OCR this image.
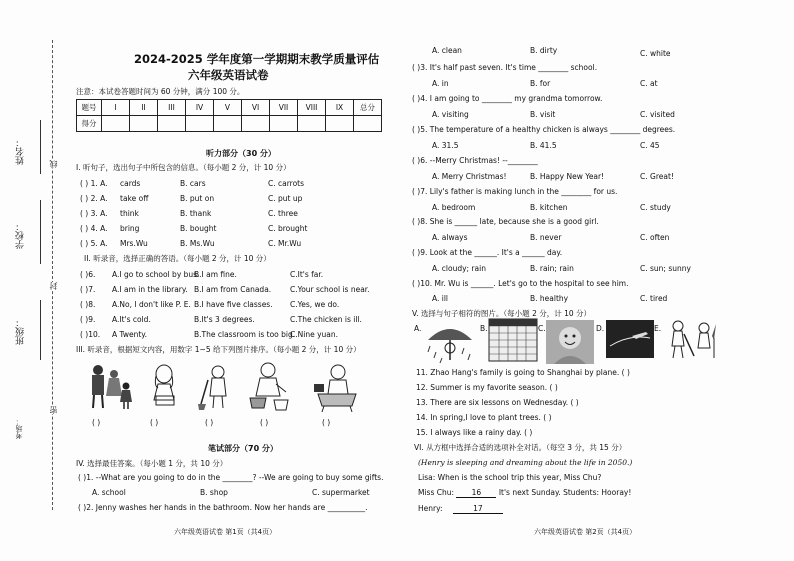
姓名：
学校：
班级：
考场：
线
封
密
2024-2025 学年度第一学期期末教学质量评估
六年级英语试卷
注意：本试卷答题时间为 60 分钟，满分 100 分。
题号	I	II	III	IV	V	VI	VII	VIII	IX	总分
得分										
听力部分（30 分）
I. 听句子，选出句子中所包含的信息。（每小题 2 分，计 10 分）
( ) 1. A. cards	B. cars	C. carrots
( ) 2. A. take off	B. put on	C. put up
( ) 3. A. think	B. thank	C. three
( ) 4. A. bring	B. bought	C. brought
( ) 5. A. Mrs.Wu	B. Ms.Wu	C. Mr.Wu
II. 听录音，选择正确的答语。（每小题 2 分，计 10 分）
( )6. A.I go to school by bus.
B.I am fine.	C.It's far.
( )7. A.I am in the library. B.I am from Canada.	C.Your school is near.
( )8. A.No, I don't like P. E. B.I have five classes. C.Yes, we do.
( )9. A.It's cold.	B.It's 3 degrees.	C.The chicken is ill.
( )10. A Twenty.	B.The classroom is too big.
C.Nine yuan.
III. 听录音，根据短文内容，用数字 1~5 给下列图片排序。（每小题 2 分，计 10 分）
( )	( )	( )	( )	( )
笔试部分（70 分）
IV. 选择最佳答案。（每小题 1 分，共 10 分）
( )1. --What are you going to do in the ________? --We are going to buy some gifts.
A. school	B. shop	C. supermarket
( )2. Jenny washes her hands in the bathroom. Now her hands are __________.
六年级英语试卷 第1页（共4页）
A. clean	B. dirty	C. white
( )3. It's half past seven. It's time ________ school.
A. in	B. for	C. at
( )4. I am going to ________ my grandma tomorrow.
A. visiting	B. visit	C. visited
( )5. The temperature of a healthy chicken is always ________ degrees.
A. 31.5	B. 41.5	C. 45
( )6. --Merry Christmas! --________
A. Merry Christmas!	B. Happy New Year!	C. Great!
( )7. Lily's father is making lunch in the ________ for us.
A. bedroom	B. kitchen	C. study
( )8. She is ______ late, because she is a good girl.
A. always	B. never	C. often
( )9. Look at the ______. It's a ______ day.
A. cloudy; rain	B. rain; rain	C. sun; sunny
( )10. Mr. Wu is ______. Let's go to the hospital to see him.
A. ill	B. healthy	C. tired
V. 选择与句子相符的图片。（每小题 2 分，计 10 分）
A.	B.	C.	D.	E.
11. Zhao Hang's family is going to Shanghai by plane. ( )
12. Summer is my favorite season. ( )
13. There are six lessons on Wednesday. ( )
14. In spring,I love to plant trees. ( )
15. I always like a rainy day. ( )
VI. 从方框中选择合适的选项补全对话。（每空 3 分，共 15 分）
(Henry is sleeping and dreaming about the life in 2050.)
Lisa: When is the school trip this year, Miss Chu?
Miss Chu: 16 It's next Sunday. Students: Hooray!
Henry:	17
六年级英语试卷 第2页（共4页）
